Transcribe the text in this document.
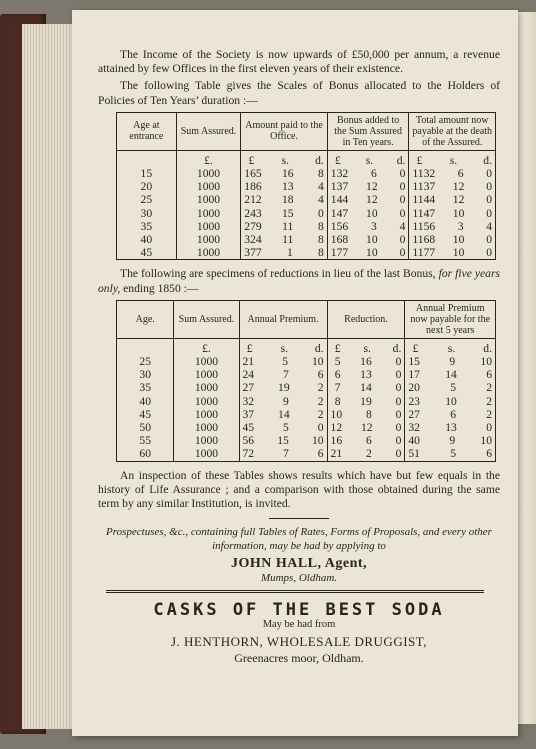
The Income of the Society is now upwards of £50,000 per annum, a revenue attained by few Offices in the first eleven years of their existence.

The following Table gives the Scales of Bonus allocated to the Holders of Policies of Ten Years’ duration :—

Age at entrance	Sum Assured.	Amount paid to the Office.	Bonus added to the Sum Assured in Ten years.	Total amount now payable at the death of the Assured.
	£.	£ s. d.	£ s. d.	£ s. d.

15	1000	165 16 8	132 6 0	1132 6 0

20	1000	186 13 4	137 12 0	1137 12 0

25	1000	212 18 4	144 12 0	1144 12 0

30	1000	243 15 0	147 10 0	1147 10 0

35	1000	279 11 8	156 3 4	1156 3 4

40	1000	324 11 8	168 10 0	1168 10 0

45	1000	377 1 8	177 10 0	1177 10 0

The following are specimens of reductions in lieu of the last Bonus, for five years only, ending 1850 :—

Age.	Sum Assured.	Annual Premium.	Reduction.	Annual Premium now payable for the next 5 years
	£.	£ s. d.	£ s. d.	£ s. d.

25	1000	21 5 10	5 16 0	15 9 10

30	1000	24 7 6	6 13 0	17 14 6

35	1000	27 19 2	7 14 0	20 5 2

40	1000	32 9 2	8 19 0	23 10 2

45	1000	37 14 2	10 8 0	27 6 2

50	1000	45 5 0	12 12 0	32 13 0

55	1000	56 15 10	16 6 0	40 9 10

60	1000	72 7 6	21 2 0	51 5 6

An inspection of these Tables shows results which have but few equals in the history of Life Assurance ; and a comparison with those obtained during the same term by any similar Institution, is invited.

Prospectuses, &c., containing full Tables of Rates, Forms of Proposals, and every other information, may be had by applying to

JOHN HALL, Agent,
Mumps, Oldham.
CASKS OF THE BEST SODA
May be had from
J. HENTHORN, WHOLESALE DRUGGIST,
Greenacres moor, Oldham.
